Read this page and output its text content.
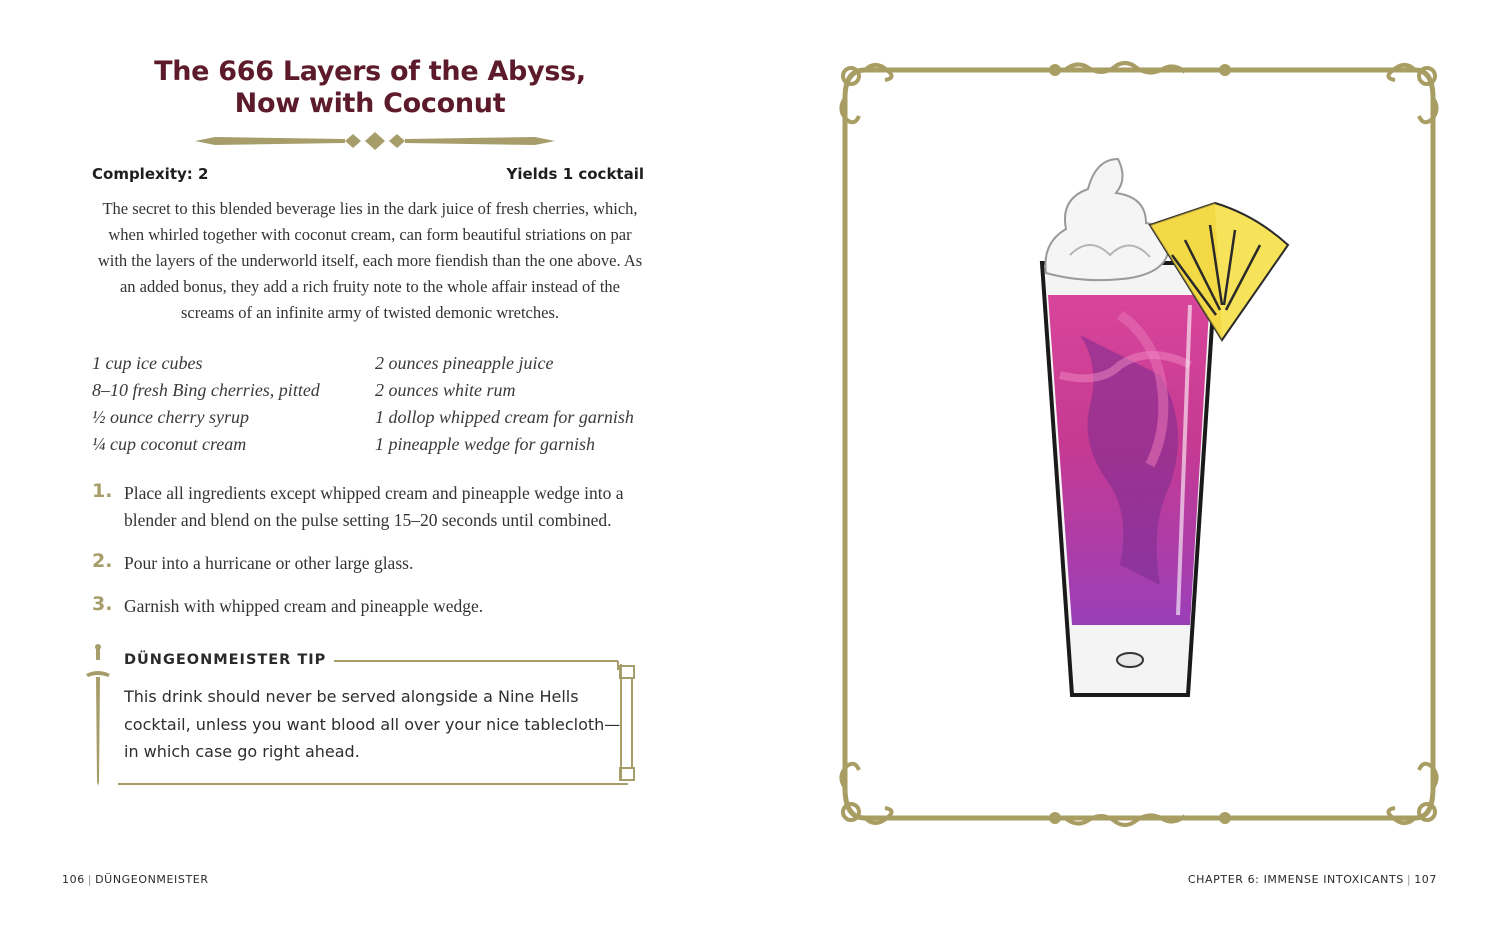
The 666 Layers of the Abyss,
Now with Coconut
Complexity: 2	Yields 1 cocktail
The secret to this blended beverage lies in the dark juice of fresh cherries, which, when whirled together with coconut cream, can form beautiful striations on par with the layers of the underworld itself, each more fiendish than the one above. As an added bonus, they add a rich fruity note to the whole affair instead of the screams of an infinite army of twisted demonic wretches.
1 cup ice cubes
8–10 fresh Bing cherries, pitted
½ ounce cherry syrup
¼ cup coconut cream
2 ounces pineapple juice
2 ounces white rum
1 dollop whipped cream for garnish
1 pineapple wedge for garnish
1. Place all ingredients except whipped cream and pineapple wedge into a blender and blend on the pulse setting 15–20 seconds until combined.
2. Pour into a hurricane or other large glass.
3. Garnish with whipped cream and pineapple wedge.
DÜNGEONMEISTER TIP
This drink should never be served alongside a Nine Hells cocktail, unless you want blood all over your nice tablecloth—in which case go right ahead.
106 | DÜNGEONMEISTER	CHAPTER 6: IMMENSE INTOXICANTS | 107
